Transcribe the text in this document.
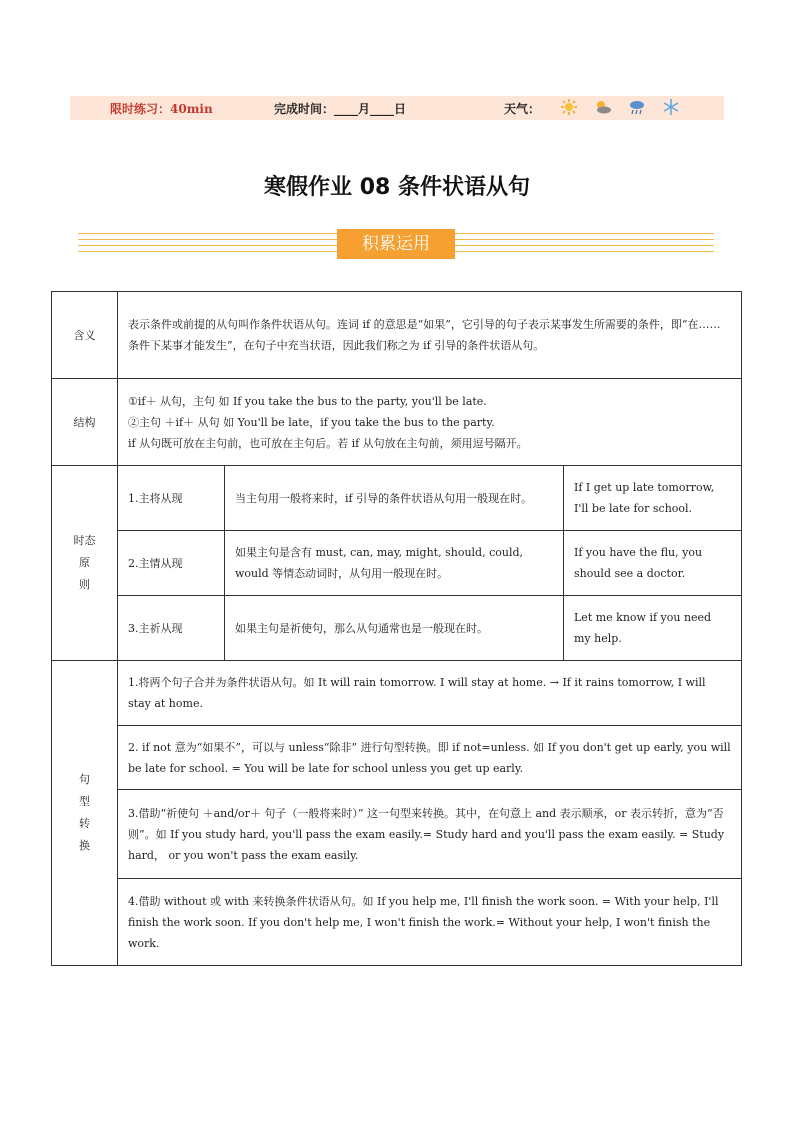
限时练习：40min	完成时间：____月____日	天气：
寒假作业 08 条件状语从句
积累运用
含义	表示条件或前提的从句叫作条件状语从句。连词 if 的意思是“如果”，它引导的句子表示某事发生所需要的条件，即“在……条件下某事才能发生”，在句子中充当状语，因此我们称之为 if 引导的条件状语从句。		
结构	①if＋ 从句，主句 如 If you take the bus to the party, you'll be late.
②主句 ＋if＋ 从句 如 You'll be late，if you take the bus to the party.
if 从句既可放在主句前，也可放在主句后。若 if 从句放在主句前，须用逗号隔开。		

时态
原
则	1.主将从现	当主句用一般将来时，if 引导的条件状语从句用一般现在时。	If I get up late tomorrow, I'll be late for school.
	2.主情从现	如果主句是含有 must, can, may, might, should, could, would 等情态动词时，从句用一般现在时。	If you have the flu, you should see a doctor.
	3.主祈从现	如果主句是祈使句，那么从句通常也是一般现在时。	Let me know if you need my help.

句
型
转
换	1.将两个句子合并为条件状语从句。如 It will rain tomorrow. I will stay at home. → If it rains tomorrow, I will stay at home.		
	2. if not 意为“如果不”，可以与 unless“除非” 进行句型转换。即 if not=unless. 如 If you don't get up early, you will be late for school. = You will be late for school unless you get up early.		
	3.借助“祈使句 ＋and/or＋ 句子（一般将来时）” 这一句型来转换。其中，在句意上 and 表示顺承，or 表示转折，意为“否则”。如 If you study hard, you'll pass the exam easily.= Study hard and you'll pass the exam easily. = Study hard， or you won't pass the exam easily.		
	4.借助 without 或 with 来转换条件状语从句。如 If you help me, I'll finish the work soon. = With your help, I'll finish the work soon. If you don't help me, I won't finish the work.= Without your help, I won't finish the work.		
